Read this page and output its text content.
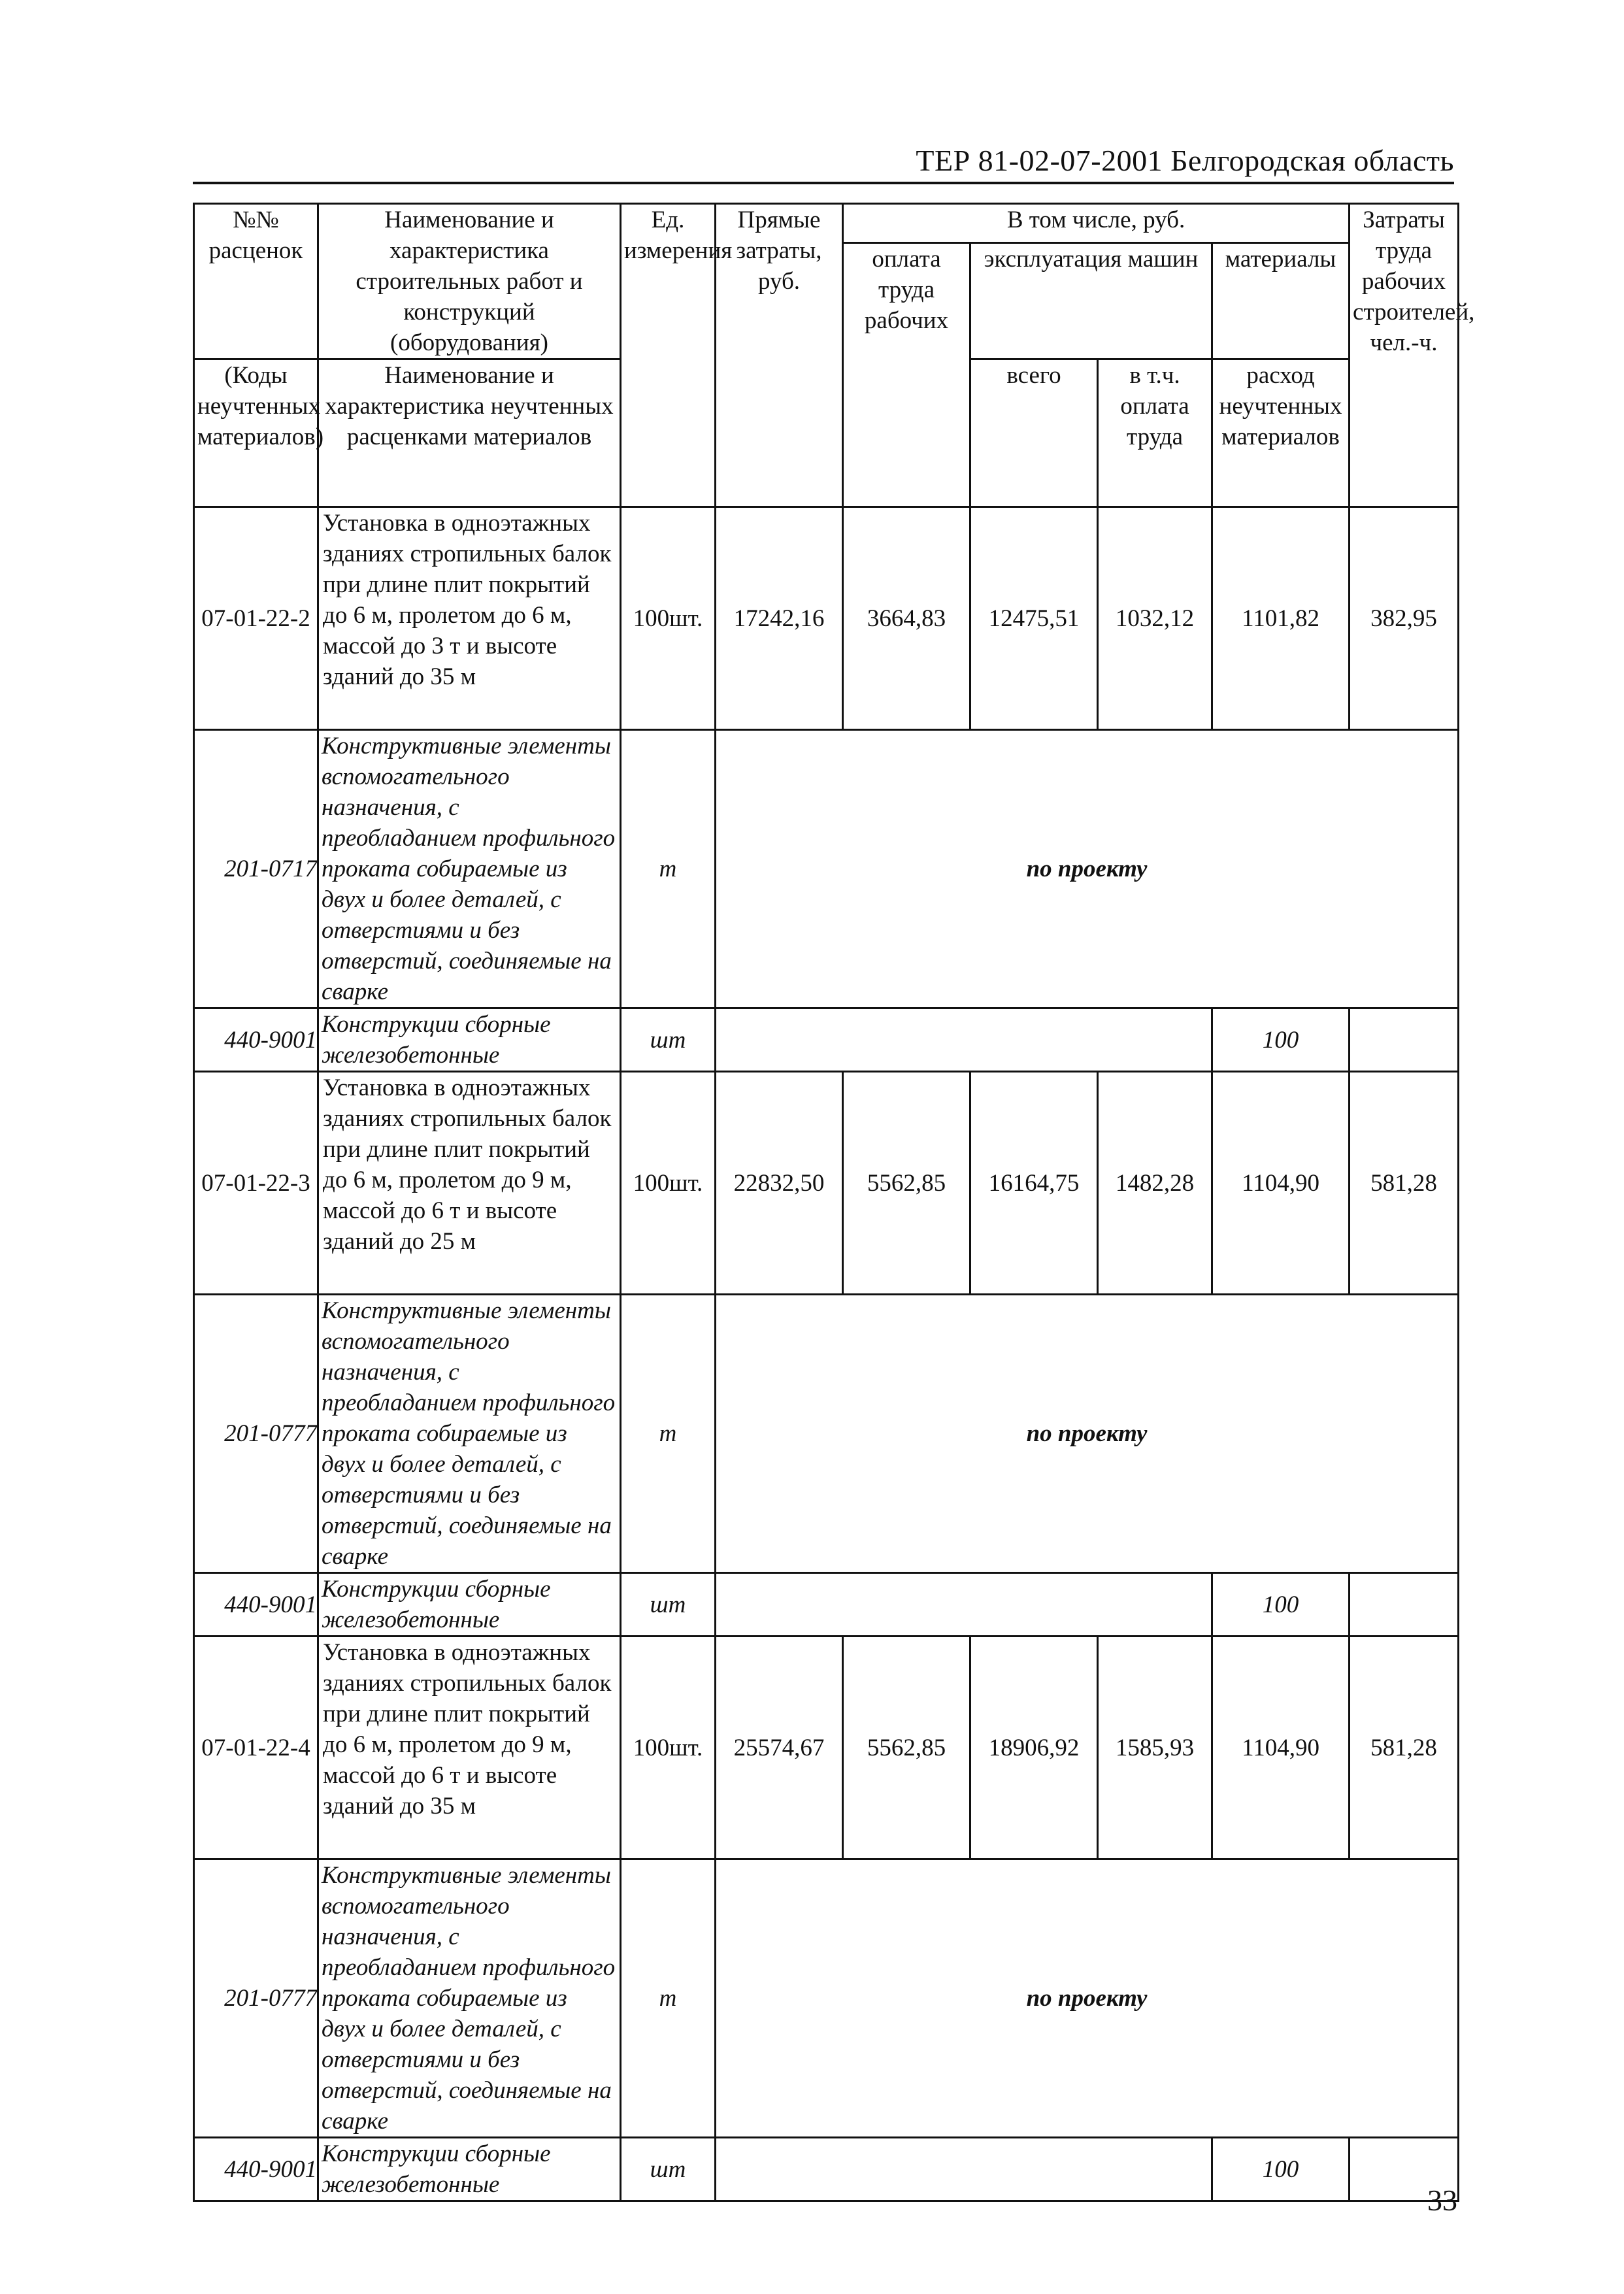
ТЕР 81-02-07-2001 Белгородская область
№№ расценок	Наименование и характеристика строительных работ и конструкций (оборудования)	Ед. измерения	Прямые затраты, руб.	В том числе, руб.				Затраты труда рабочих строителей, чел.-ч.
				оплата труда рабочих	эксплуатация машин		материалы	
(Коды неучтенных материалов)	Наименование и характеристика неучтенных расценками материалов				всего	в т.ч. оплата труда	расход неучтенных материалов	
07-01-22-2	Установка в одноэтажных зданиях стропильных балок при длине плит покрытий до 6 м, пролетом до 6 м, массой до 3 т и высоте зданий до 35 м	100шт.	17242,16	3664,83	12475,51	1032,12	1101,82	382,95
201-0717	Конструктивные элементы вспомогательного назначения, с преобладанием профильного проката собираемые из двух и более деталей, с отверстиями и без отверстий, соединяемые на сварке	т	по проекту					
440-9001	Конструкции сборные железобетонные	шт					100	
07-01-22-3	Установка в одноэтажных зданиях стропильных балок при длине плит покрытий до 6 м, пролетом до 9 м, массой до 6 т и высоте зданий до 25 м	100шт.	22832,50	5562,85	16164,75	1482,28	1104,90	581,28
201-0777	Конструктивные элементы вспомогательного назначения, с преобладанием профильного проката собираемые из двух и более деталей, с отверстиями и без отверстий, соединяемые на сварке	т	по проекту					
440-9001	Конструкции сборные железобетонные	шт					100	
07-01-22-4	Установка в одноэтажных зданиях стропильных балок при длине плит покрытий до 6 м, пролетом до 9 м, массой до 6 т и высоте зданий до 35 м	100шт.	25574,67	5562,85	18906,92	1585,93	1104,90	581,28
201-0777	Конструктивные элементы вспомогательного назначения, с преобладанием профильного проката собираемые из двух и более деталей, с отверстиями и без отверстий, соединяемые на сварке	т	по проекту					
440-9001	Конструкции сборные железобетонные	шт					100	
33
